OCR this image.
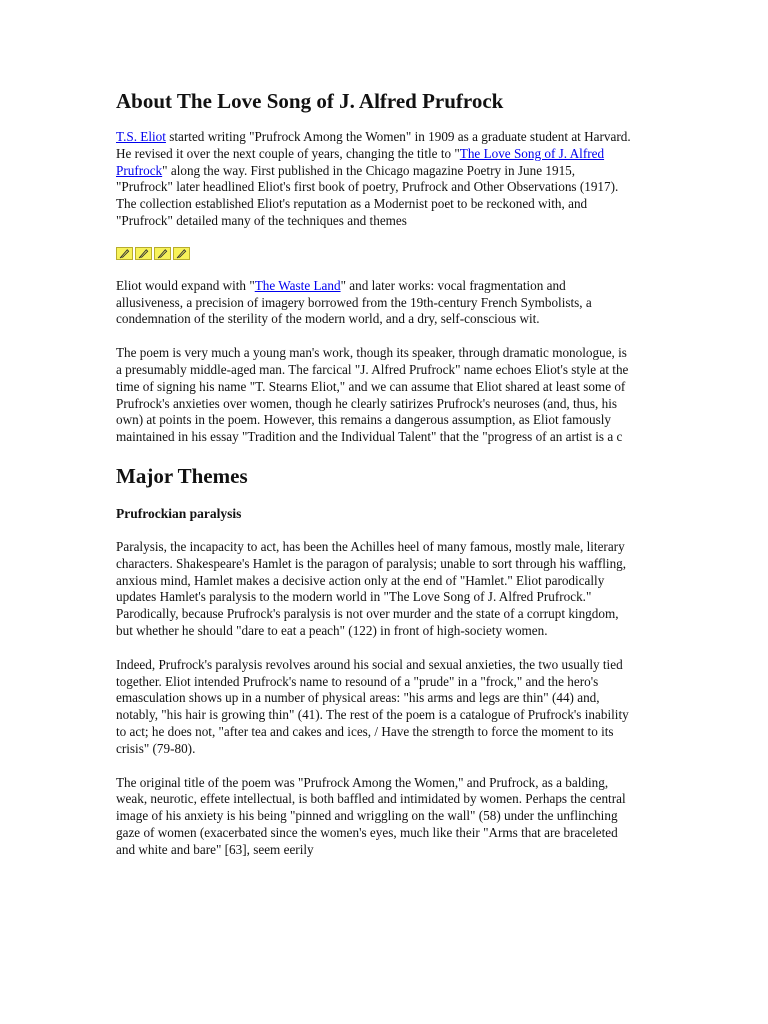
About The Love Song of J. Alfred Prufrock

T.S. Eliot started writing "Prufrock Among the Women" in 1909 as a graduate student at Harvard. He revised it over the next couple of years, changing the title to "The Love Song of J. Alfred Prufrock" along the way. First published in the Chicago magazine Poetry in June 1915, "Prufrock" later headlined Eliot's first book of poetry, Prufrock and Other Observations (1917). The collection established Eliot's reputation as a Modernist poet to be reckoned with, and "Prufrock" detailed many of the techniques and themes

Eliot would expand with "The Waste Land" and later works: vocal fragmentation and allusiveness, a precision of imagery borrowed from the 19th-century French Symbolists, a condemnation of the sterility of the modern world, and a dry, self-conscious wit.

The poem is very much a young man's work, though its speaker, through dramatic monologue, is a presumably middle-aged man. The farcical "J. Alfred Prufrock" name echoes Eliot's style at the time of signing his name "T. Stearns Eliot," and we can assume that Eliot shared at least some of Prufrock's anxieties over women, though he clearly satirizes Prufrock's neuroses (and, thus, his own) at points in the poem. However, this remains a dangerous assumption, as Eliot famously maintained in his essay "Tradition and the Individual Talent" that the "progress of an artist is a c

Major Themes
Prufrockian paralysis

Paralysis, the incapacity to act, has been the Achilles heel of many famous, mostly male, literary characters. Shakespeare's Hamlet is the paragon of paralysis; unable to sort through his waffling, anxious mind, Hamlet makes a decisive action only at the end of "Hamlet." Eliot parodically updates Hamlet's paralysis to the modern world in "The Love Song of J. Alfred Prufrock." Parodically, because Prufrock's paralysis is not over murder and the state of a corrupt kingdom, but whether he should "dare to eat a peach" (122) in front of high-society women.

Indeed, Prufrock's paralysis revolves around his social and sexual anxieties, the two usually tied together. Eliot intended Prufrock's name to resound of a "prude" in a "frock," and the hero's emasculation shows up in a number of physical areas: "his arms and legs are thin" (44) and, notably, "his hair is growing thin" (41). The rest of the poem is a catalogue of Prufrock's inability to act; he does not, "after tea and cakes and ices, / Have the strength to force the moment to its crisis" (79-80).

The original title of the poem was "Prufrock Among the Women," and Prufrock, as a balding, weak, neurotic, effete intellectual, is both baffled and intimidated by women. Perhaps the central image of his anxiety is his being "pinned and wriggling on the wall" (58) under the unflinching gaze of women (exacerbated since the women's eyes, much like their "Arms that are braceleted and white and bare" [63], seem eerily
